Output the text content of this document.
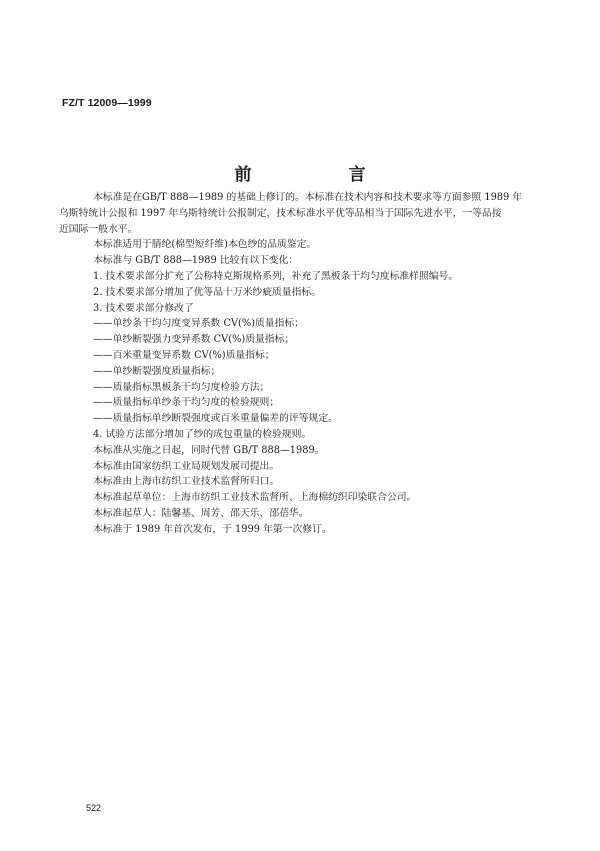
FZ/T 12009—1999
前　言
本标准是在GB/T 888—1989 的基础上修订的。本标准在技术内容和技术要求等方面参照 1989 年
乌斯特统计公报和 1997 年乌斯特统计公报制定，技术标准水平优等品相当于国际先进水平，一等品接
近国际一般水平。
本标准适用于腈纶(棉型短纤维)本色纱的品质鉴定。
本标准与 GB/T 888—1989 比较有以下变化：
1. 技术要求部分扩充了公称特克斯规格系列，补充了黑板条干均匀度标准样照编号。
2. 技术要求部分增加了优等品十万米纱疵质量指标。
3. 技术要求部分修改了
——单纱条干均匀度变异系数 CV(%)质量指标；
——单纱断裂强力变异系数 CV(%)质量指标；
——百米重量变异系数 CV(%)质量指标；
——单纱断裂强度质量指标；
——质量指标黑板条干均匀度检验方法；
——质量指标单纱条干均匀度的检验规则；
——质量指标单纱断裂强度或百米重量偏差的评等规定。
4. 试验方法部分增加了纱的成包重量的检验规则。
本标准从实施之日起，同时代替 GB/T 888—1989。
本标准由国家纺织工业局规划发展司提出。
本标准由上海市纺织工业技术监督所归口。
本标准起草单位：上海市纺织工业技术监督所、上海棉纺织印染联合公司。
本标准起草人：陆馨基、周芳、邵天乐、邵蓓华。
本标准于 1989 年首次发布，于 1999 年第一次修订。
522
